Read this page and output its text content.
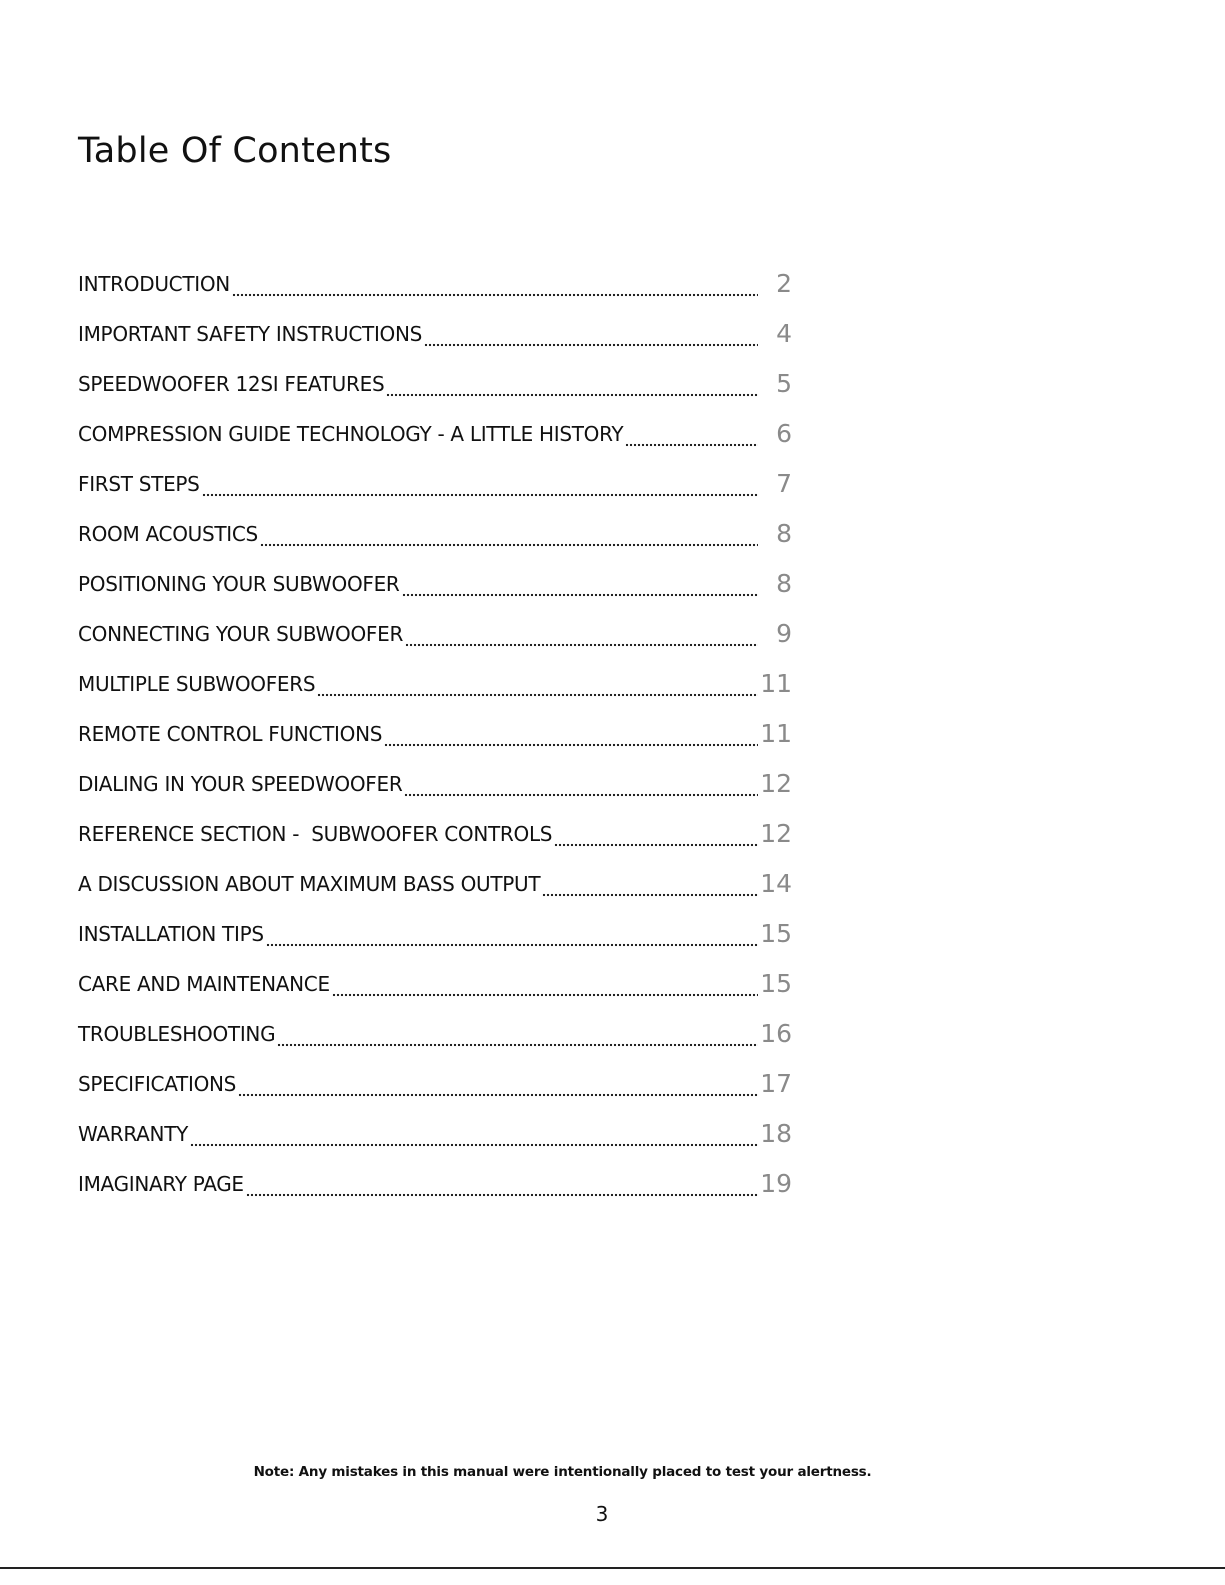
Table Of Contents
INTRODUCTION	2
IMPORTANT SAFETY INSTRUCTIONS	4
SPEEDWOOFER 12SI FEATURES	5
COMPRESSION GUIDE TECHNOLOGY - A LITTLE HISTORY	6
FIRST STEPS	7
ROOM ACOUSTICS	8
POSITIONING YOUR SUBWOOFER	8
CONNECTING YOUR SUBWOOFER	9
MULTIPLE SUBWOOFERS	11
REMOTE CONTROL FUNCTIONS	11
DIALING IN YOUR SPEEDWOOFER	12
REFERENCE SECTION -  SUBWOOFER CONTROLS	12
A DISCUSSION ABOUT MAXIMUM BASS OUTPUT	14
INSTALLATION TIPS	15
CARE AND MAINTENANCE	15
TROUBLESHOOTING	16
SPECIFICATIONS	17
WARRANTY	18
IMAGINARY PAGE	19
Note: Any mistakes in this manual were intentionally placed to test your alertness.
3
